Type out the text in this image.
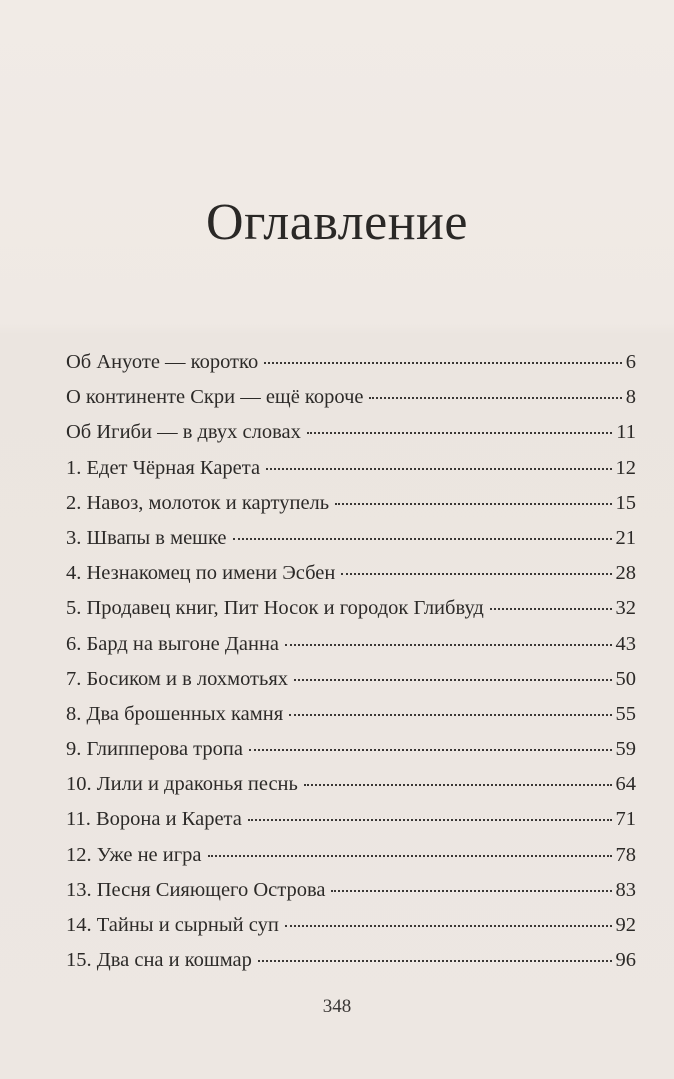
Оглавление
Об Ануоте — коротко	6
О континенте Скри — ещё короче	8
Об Игиби — в двух словах	11
1. Едет Чёрная Карета	12
2. Навоз, молоток и картупель	15
3. Швапы в мешке	21
4. Незнакомец по имени Эсбен	28
5. Продавец книг, Пит Носок и городок Глибвуд	32
6. Бард на выгоне Данна	43
7. Босиком и в лохмотьях	50
8. Два брошенных камня	55
9. Глипперова тропа	59
10. Лили и драконья песнь	64
11. Ворона и Карета	71
12. Уже не игра	78
13. Песня Сияющего Острова	83
14. Тайны и сырный суп	92
15. Два сна и кошмар	96
348
